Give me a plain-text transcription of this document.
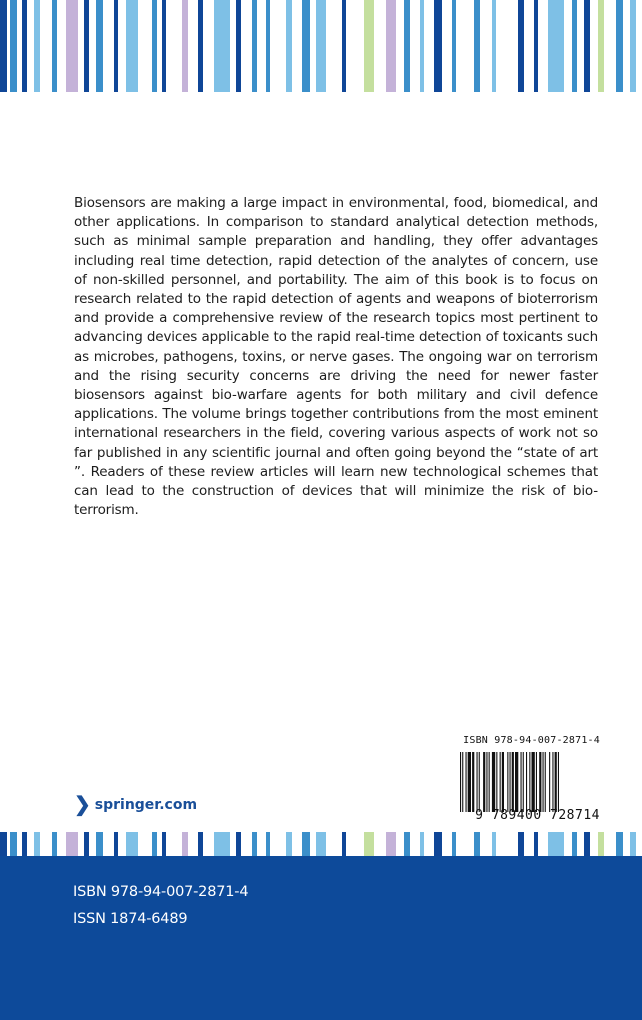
Biosensors are making a large impact in environmental, food, biomedical, and other applications. In comparison to standard analytical detection methods, such as minimal sample preparation and handling, they offer advantages including real time detection, rapid detection of the analytes of concern, use of non-skilled personnel, and portability. The aim of this book is to focus on research related to the rapid detection of agents and weapons of bioterrorism and provide a comprehensive review of the research topics most pertinent to advancing devices applicable to the rapid real-time detection of toxicants such as microbes, pathogens, toxins, or nerve gases. The ongoing war on terrorism and the rising security concerns are driving the need for newer faster biosensors against bio-warfare agents for both military and civil defence applications. The volume brings together contributions from the most eminent international researchers in the field, covering various aspects of work not so far published in any scientific journal and often going beyond the “state of art ”. Readers of these review articles will learn new technological schemes that can lead to the construction of devices that will minimize the risk of bio-terrorism.

ISBN 978-94-007-2871-4
9 789400 728714
❯ springer.com
ISBN 978-94-007-2871-4
ISSN 1874-6489
